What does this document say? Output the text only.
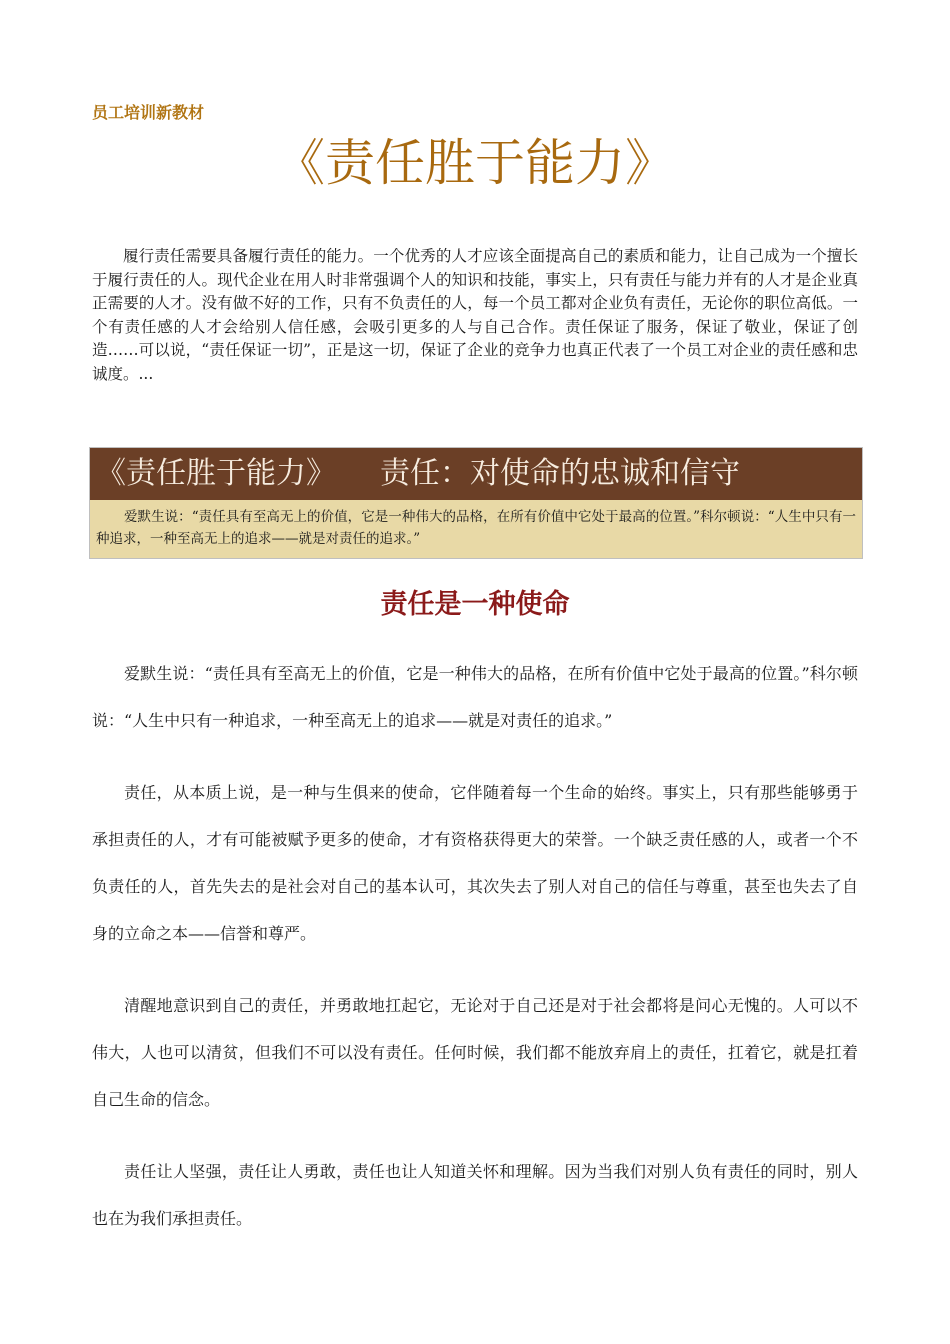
员工培训新教材
《责任胜于能力》

履行责任需要具备履行责任的能力。一个优秀的人才应该全面提高自己的素质和能力，让自己成为一个擅长于履行责任的人。现代企业在用人时非常强调个人的知识和技能，事实上，只有责任与能力并有的人才是企业真正需要的人才。没有做不好的工作，只有不负责任的人，每一个员工都对企业负有责任，无论你的职位高低。一个有责任感的人才会给别人信任感，会吸引更多的人与自己合作。责任保证了服务，保证了敬业，保证了创造……可以说，“责任保证一切”，正是这一切，保证了企业的竞争力也真正代表了一个员工对企业的责任感和忠诚度。...

《责任胜于能力》 责任：对使命的忠诚和信守
爱默生说：“责任具有至高无上的价值，它是一种伟大的品格，在所有价值中它处于最高的位置。”科尔顿说：“人生中只有一种追求，一种至高无上的追求——就是对责任的追求。”
责任是一种使命

爱默生说：“责任具有至高无上的价值，它是一种伟大的品格，在所有价值中它处于最高的位置。”科尔顿说：“人生中只有一种追求，一种至高无上的追求——就是对责任的追求。”

责任，从本质上说，是一种与生俱来的使命，它伴随着每一个生命的始终。事实上，只有那些能够勇于承担责任的人，才有可能被赋予更多的使命，才有资格获得更大的荣誉。一个缺乏责任感的人，或者一个不负责任的人，首先失去的是社会对自己的基本认可，其次失去了别人对自己的信任与尊重，甚至也失去了自身的立命之本——信誉和尊严。

清醒地意识到自己的责任，并勇敢地扛起它，无论对于自己还是对于社会都将是问心无愧的。人可以不伟大，人也可以清贫，但我们不可以没有责任。任何时候，我们都不能放弃肩上的责任，扛着它，就是扛着自己生命的信念。

责任让人坚强，责任让人勇敢，责任也让人知道关怀和理解。因为当我们对别人负有责任的同时，别人也在为我们承担责任。
